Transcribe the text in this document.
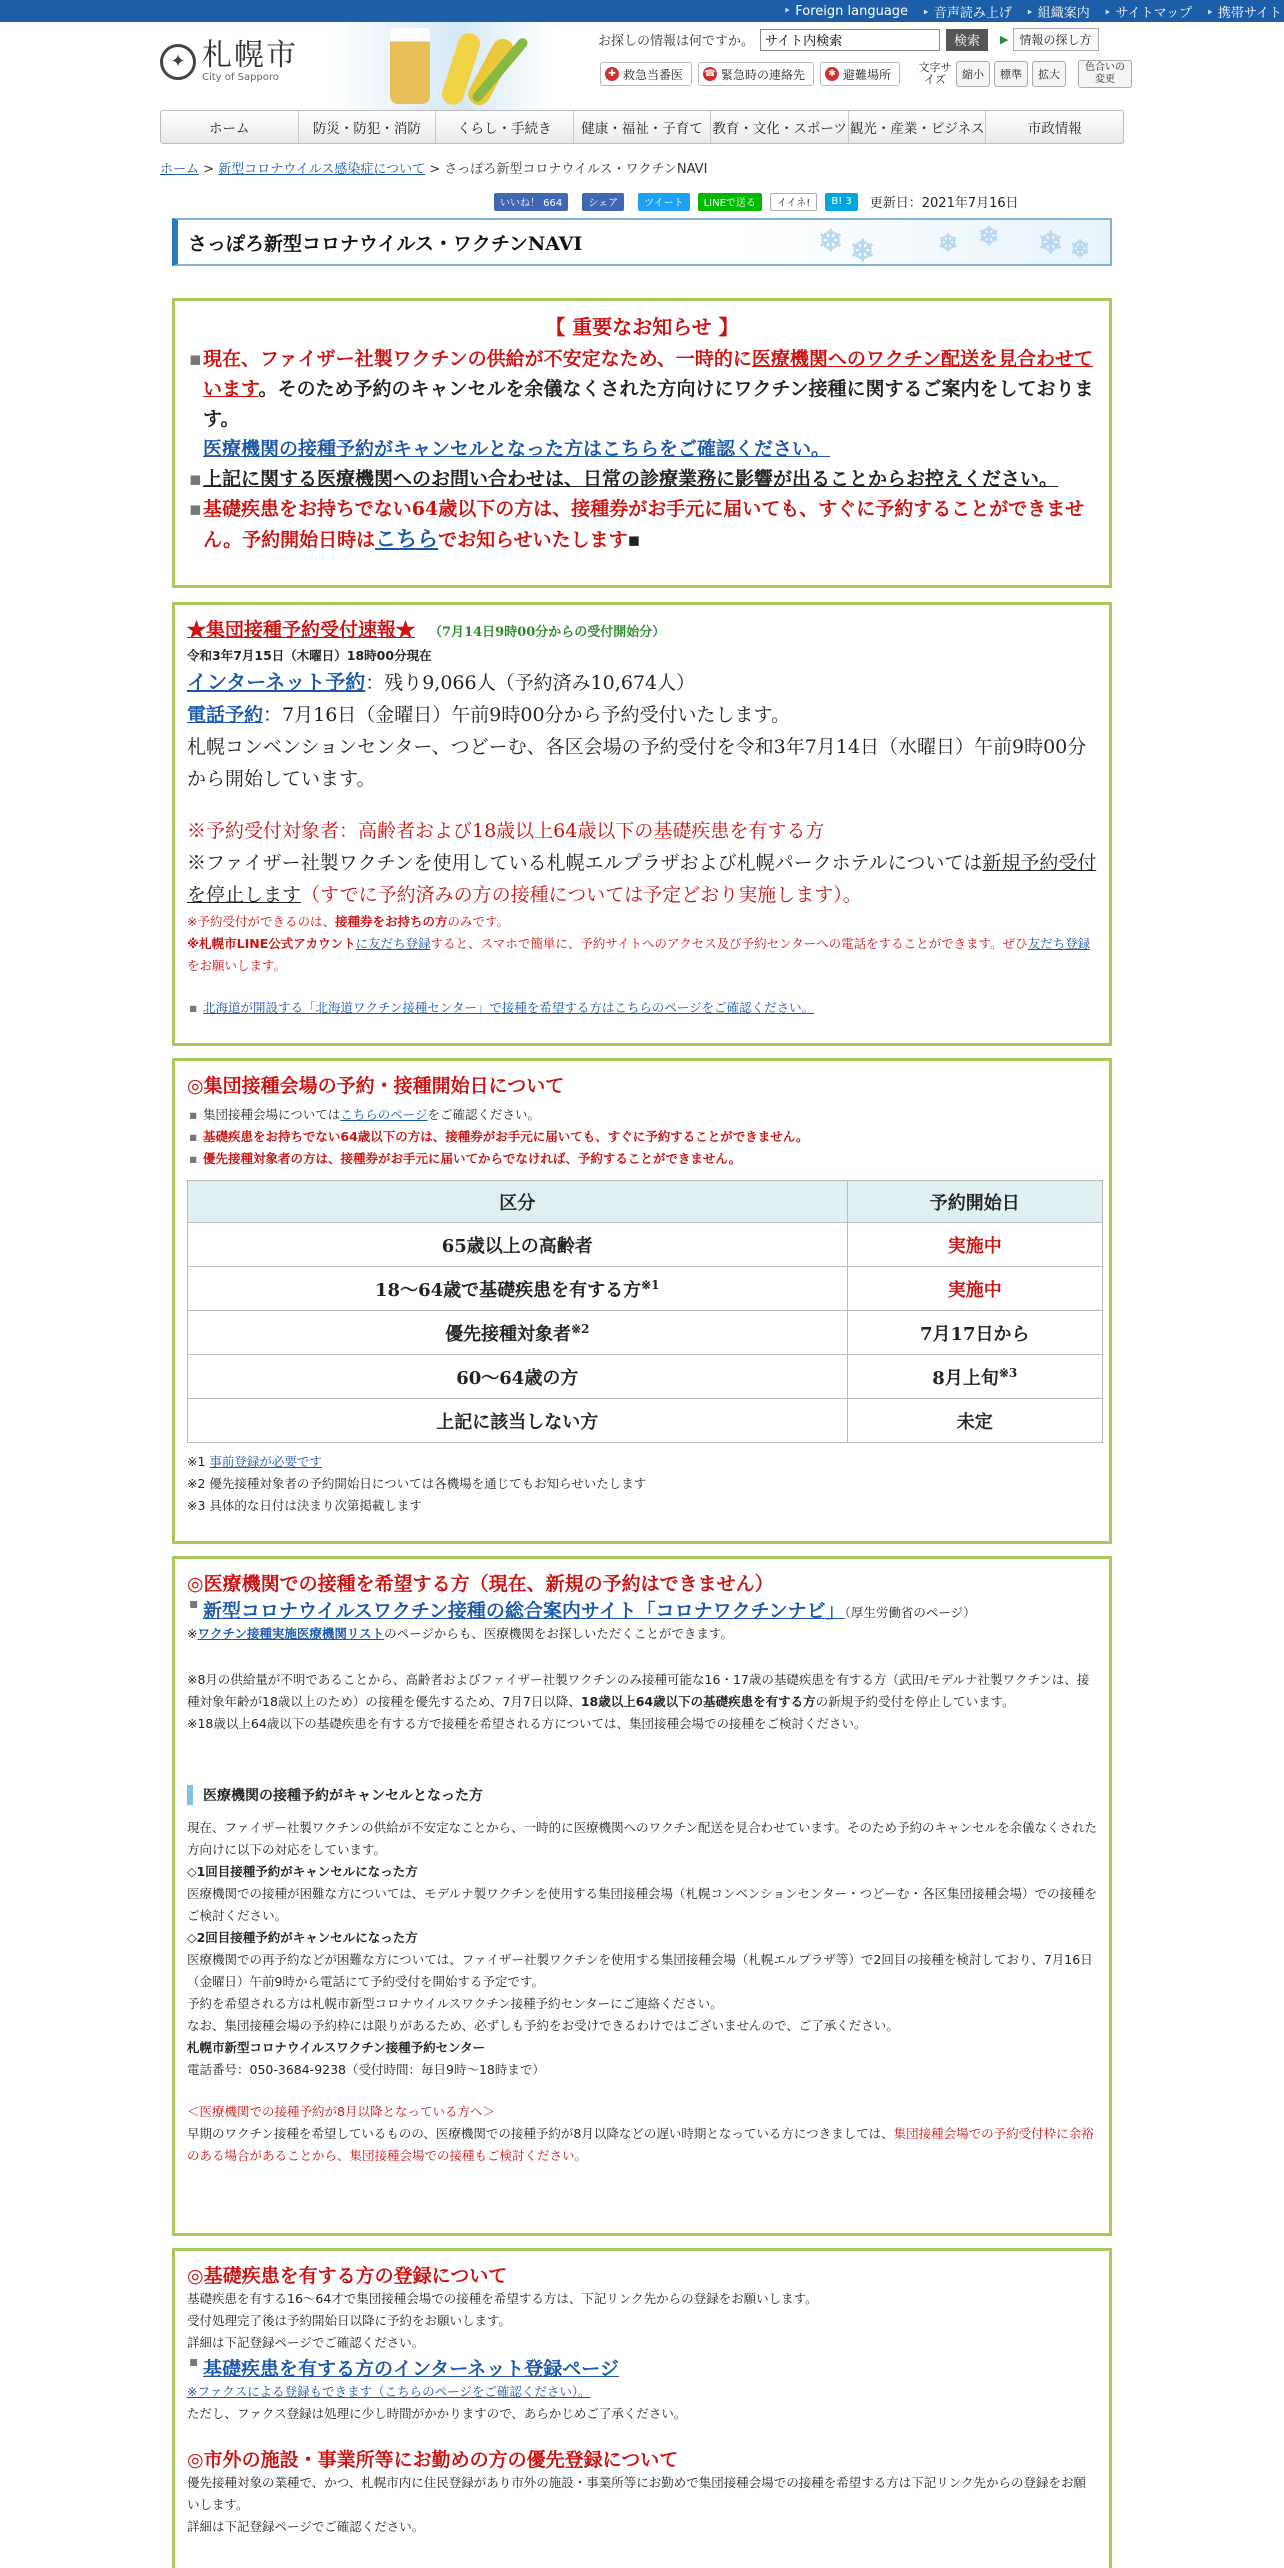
‣ Foreign language	‣ 音声読み上げ	‣ 組織案内	‣ サイトマップ	‣ 携帯サイト
✦ 札幌市
City of Sapporo
お探しの情報は何ですか。
サイト内検索	検索	▶ 情報の探し方
✚ 救急当番医 ☎ 緊急時の連絡先	✱ 避難場所 文字サイズ	縮小	標準	拡大
色合いの変更
ホーム	防災・防犯・消防	くらし・手続き	健康・福祉・子育て 教育・文化・スポーツ 観光・産業・ビジネス	市政情報
ホーム > 新型コロナウイルス感染症について > さっぽろ新型コロナウイルス・ワクチンNAVI
いいね！ 664	シェア	ツイート	LINEで送る	イイネ!	B! 3	更新日：2021年7月16日
さっぽろ新型コロナウイルス・ワクチンNAVI	❄ ❄	❄ ❄ ❄ ❄
【 重要なお知らせ 】
▪ 現在、ファイザー社製ワクチンの供給が不安定なため、一時的に医療機関へのワクチン配送を見合わせています。そのため予約のキャンセルを余儀なくされた方向けにワクチン接種に関するご案内をしております。
医療機関の接種予約がキャンセルとなった方はこちらをご確認ください。
▪ 上記に関する医療機関へのお問い合わせは、日常の診療業務に影響が出ることからお控えください。
▪ 基礎疾患をお持ちでない64歳以下の方は、接種券がお手元に届いても、すぐに予約することができません。予約開始日時はこちらでお知らせいたします▪
★集団接種予約受付速報★ （7月14日9時00分からの受付開始分）
令和3年7月15日（木曜日）18時00分現在
インターネット予約：残り9,066人（予約済み10,674人）
電話予約：7月16日（金曜日）午前9時00分から予約受付いたします。
札幌コンベンションセンター、つどーむ、各区会場の予約受付を令和3年7月14日（水曜日）午前9時00分から開始しています。
※予約受付対象者：高齢者および18歳以上64歳以下の基礎疾患を有する方
※ファイザー社製ワクチンを使用している札幌エルプラザおよび札幌パークホテルについては新規予約受付を停止します（すでに予約済みの方の接種については予定どおり実施します）。
※予約受付ができるのは、接種券をお持ちの方のみです。
※札幌市LINE公式アカウントに友だち登録すると、スマホで簡単に、予約サイトへのアクセス及び予約センターへの電話をすることができます。ぜひ友だち登録をお願いします。
▪ 北海道が開設する「北海道ワクチン接種センター」で接種を希望する方はこちらのページをご確認ください。
◎集団接種会場の予約・接種開始日について
▪ 集団接種会場についてはこちらのページをご確認ください。
▪ 基礎疾患をお持ちでない64歳以下の方は、接種券がお手元に届いても、すぐに予約することができません。
▪ 優先接種対象者の方は、接種券がお手元に届いてからでなければ、予約することができません。
区分	予約開始日
65歳以上の高齢者	実施中
18～64歳で基礎疾患を有する方$^{※1}$	実施中
優先接種対象者$^{※2}$	7月17日から
60～64歳の方	8月上旬$^{※3}$
上記に該当しない方	未定
※1 事前登録が必要です
※2 優先接種対象者の予約開始日については各機場を通じてもお知らせいたします
※3 具体的な日付は決まり次第掲載します
◎医療機関での接種を希望する方（現在、新規の予約はできません）
▪ 新型コロナウイルスワクチン接種の総合案内サイト「コロナワクチンナビ」（厚生労働省のページ）
※ワクチン接種実施医療機関リストのページからも、医療機関をお探しいただくことができます。
※8月の供給量が不明であることから、高齢者およびファイザー社製ワクチンのみ接種可能な16・17歳の基礎疾患を有する方（武田/モデルナ社製ワクチンは、接種対象年齢が18歳以上のため）の接種を優先するため、7月7日以降、18歳以上64歳以下の基礎疾患を有する方の新規予約受付を停止しています。
※18歳以上64歳以下の基礎疾患を有する方で接種を希望される方については、集団接種会場での接種をご検討ください。
医療機関の接種予約がキャンセルとなった方
現在、ファイザー社製ワクチンの供給が不安定なことから、一時的に医療機関へのワクチン配送を見合わせています。そのため予約のキャンセルを余儀なくされた方向けに以下の対応をしています。
◇1回目接種予約がキャンセルになった方
医療機関での接種が困難な方については、モデルナ製ワクチンを使用する集団接種会場（札幌コンベンションセンター・つどーむ・各区集団接種会場）での接種をご検討ください。
◇2回目接種予約がキャンセルになった方
医療機関での再予約などが困難な方については、ファイザー社製ワクチンを使用する集団接種会場（札幌エルプラザ等）で2回目の接種を検討しており、7月16日（金曜日）午前9時から電話にて予約受付を開始する予定です。
予約を希望される方は札幌市新型コロナウイルスワクチン接種予約センターにご連絡ください。
なお、集団接種会場の予約枠には限りがあるため、必ずしも予約をお受けできるわけではございませんので、ご了承ください。
札幌市新型コロナウイルスワクチン接種予約センター
電話番号：050-3684-9238（受付時間：毎日9時～18時まで）
＜医療機関での接種予約が8月以降となっている方へ＞
早期のワクチン接種を希望しているものの、医療機関での接種予約が8月以降などの遅い時期となっている方につきましては、集団接種会場での予約受付枠に余裕のある場合があることから、集団接種会場での接種もご検討ください。
◎基礎疾患を有する方の登録について
基礎疾患を有する16～64才で集団接種会場での接種を希望する方は、下記リンク先からの登録をお願いします。
受付処理完了後は予約開始日以降に予約をお願いします。
詳細は下記登録ページでご確認ください。
▪ 基礎疾患を有する方のインターネット登録ページ
※ファクスによる登録もできます（こちらのページをご確認ください）。
ただし、ファクス登録は処理に少し時間がかかりますので、あらかじめご了承ください。
◎市外の施設・事業所等にお勤めの方の優先登録について
優先接種対象の業種で、かつ、札幌市内に住民登録があり市外の施設・事業所等にお勤めで集団接種会場での接種を希望する方は下記リンク先からの登録をお願いします。
詳細は下記登録ページでご確認ください。
